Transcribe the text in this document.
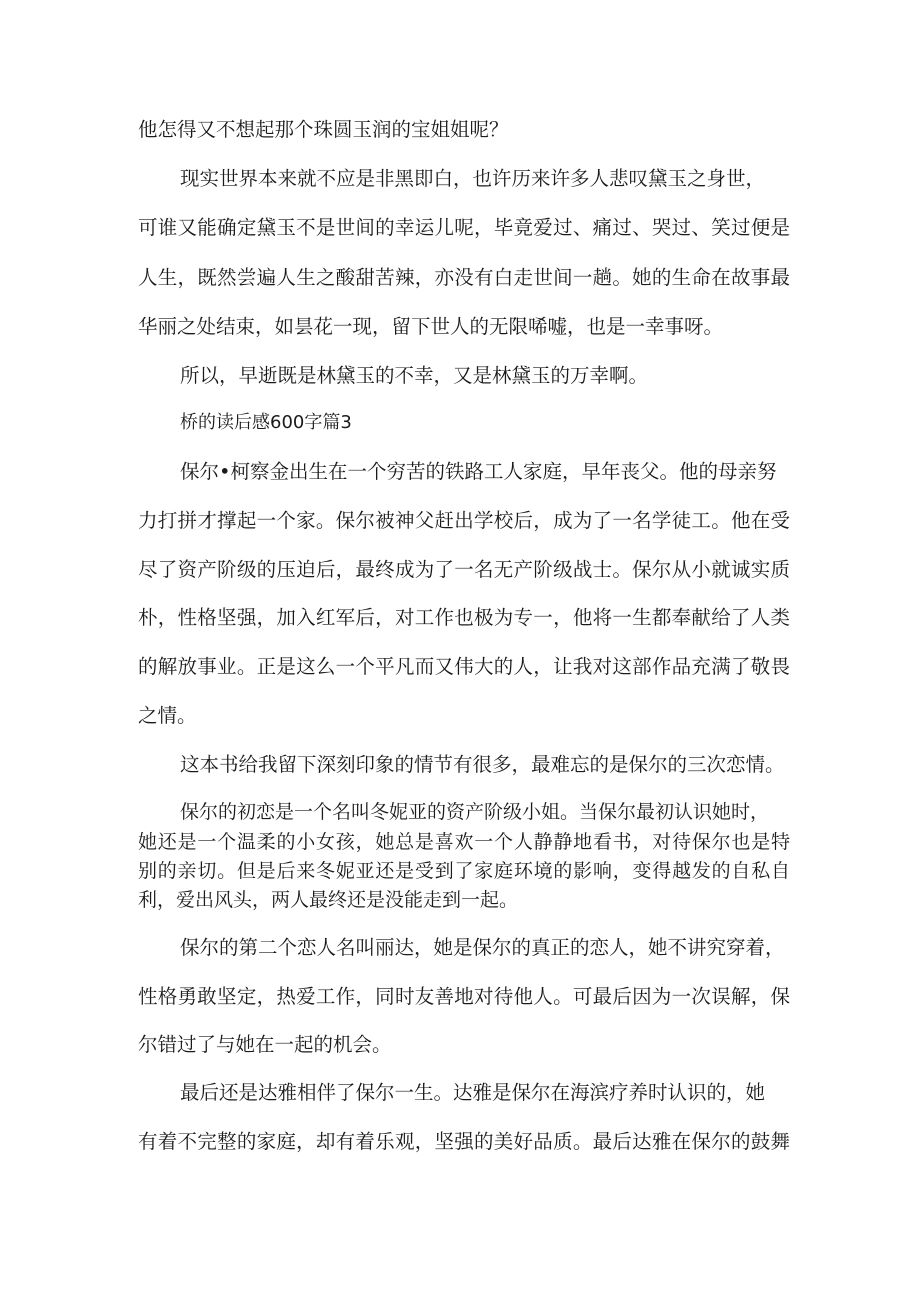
他怎得又不想起那个珠圆玉润的宝姐姐呢？
现实世界本来就不应是非黑即白，也许历来许多人悲叹黛玉之身世，
可谁又能确定黛玉不是世间的幸运儿呢，毕竟爱过、痛过、哭过、笑过便是
人生，既然尝遍人生之酸甜苦辣，亦没有白走世间一趟。她的生命在故事最
华丽之处结束，如昙花一现，留下世人的无限唏嘘，也是一幸事呀。
所以，早逝既是林黛玉的不幸，又是林黛玉的万幸啊。
桥的读后感600字篇3
保尔•柯察金出生在一个穷苦的铁路工人家庭，早年丧父。他的母亲努
力打拼才撑起一个家。保尔被神父赶出学校后，成为了一名学徒工。他在受
尽了资产阶级的压迫后，最终成为了一名无产阶级战士。保尔从小就诚实质
朴，性格坚强，加入红军后，对工作也极为专一，他将一生都奉献给了人类
的解放事业。正是这么一个平凡而又伟大的人，让我对这部作品充满了敬畏
之情。
这本书给我留下深刻印象的情节有很多，最难忘的是保尔的三次恋情。
保尔的初恋是一个名叫冬妮亚的资产阶级小姐。当保尔最初认识她时，
她还是一个温柔的小女孩，她总是喜欢一个人静静地看书，对待保尔也是特
别的亲切。但是后来冬妮亚还是受到了家庭环境的影响，变得越发的自私自
利，爱出风头，两人最终还是没能走到一起。
保尔的第二个恋人名叫丽达，她是保尔的真正的恋人，她不讲究穿着，
性格勇敢坚定，热爱工作，同时友善地对待他人。可最后因为一次误解，保
尔错过了与她在一起的机会。
最后还是达雅相伴了保尔一生。达雅是保尔在海滨疗养时认识的，她
有着不完整的家庭，却有着乐观，坚强的美好品质。最后达雅在保尔的鼓舞
